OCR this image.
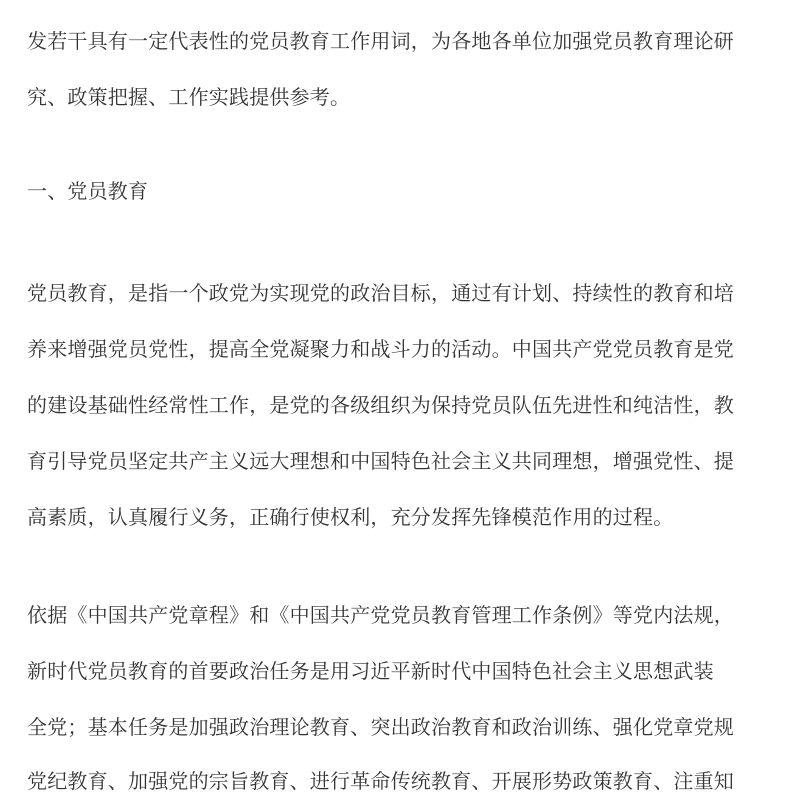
发若干具有一定代表性的党员教育工作用词，为各地各单位加强党员教育理论研
究、政策把握、工作实践提供参考。
一、党员教育
党员教育，是指一个政党为实现党的政治目标，通过有计划、持续性的教育和培
养来增强党员党性，提高全党凝聚力和战斗力的活动。中国共产党党员教育是党
的建设基础性经常性工作，是党的各级组织为保持党员队伍先进性和纯洁性，教
育引导党员坚定共产主义远大理想和中国特色社会主义共同理想，增强党性、提
高素质，认真履行义务，正确行使权利，充分发挥先锋模范作用的过程。
依据《中国共产党章程》和《中国共产党党员教育管理工作条例》等党内法规，
新时代党员教育的首要政治任务是用习近平新时代中国特色社会主义思想武装
全党；基本任务是加强政治理论教育、突出政治教育和政治训练、强化党章党规
党纪教育、加强党的宗旨教育、进行革命传统教育、开展形势政策教育、注重知
